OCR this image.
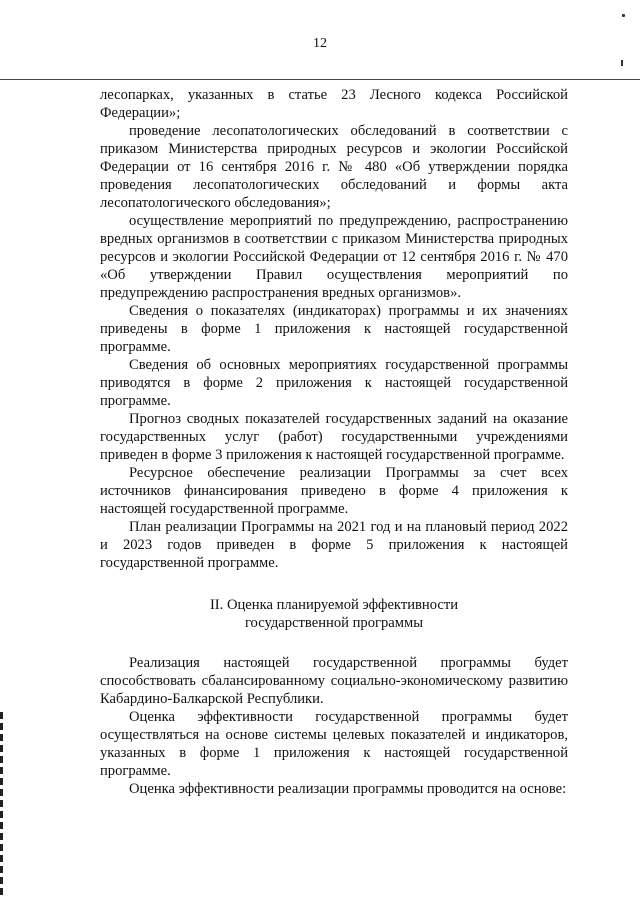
12

лесопарках, указанных в статье 23 Лесного кодекса Российской Федерации»;

проведение лесопатологических обследований в соответствии с приказом Министерства природных ресурсов и экологии Российской Федерации от 16 сентября 2016 г. № 480 «Об утверждении порядка проведения лесопатологических обследований и формы акта лесопатологического обследования»;

осуществление мероприятий по предупреждению, распространению вредных организмов в соответствии с приказом Министерства природных ресурсов и экологии Российской Федерации от 12 сентября 2016 г. № 470 «Об утверждении Правил осуществления мероприятий по предупреждению распространения вредных организмов».

Сведения о показателях (индикаторах) программы и их значениях приведены в форме 1 приложения к настоящей государственной программе.

Сведения об основных мероприятиях государственной программы приводятся в форме 2 приложения к настоящей государственной программе.

Прогноз сводных показателей государственных заданий на оказание государственных услуг (работ) государственными учреждениями приведен в форме 3 приложения к настоящей государственной программе.

Ресурсное обеспечение реализации Программы за счет всех источников финансирования приведено в форме 4 приложения к настоящей государственной программе.

План реализации Программы на 2021 год и на плановый период 2022 и 2023 годов приведен в форме 5 приложения к настоящей государственной программе.

II. Оценка планируемой эффективности
государственной программы

Реализация настоящей государственной программы будет способствовать сбалансированному социально-экономическому развитию Кабардино-Балкарской Республики.

Оценка эффективности государственной программы будет осуществляться на основе системы целевых показателей и индикаторов, указанных в форме 1 приложения к настоящей государственной программе.

Оценка эффективности реализации программы проводится на основе:
